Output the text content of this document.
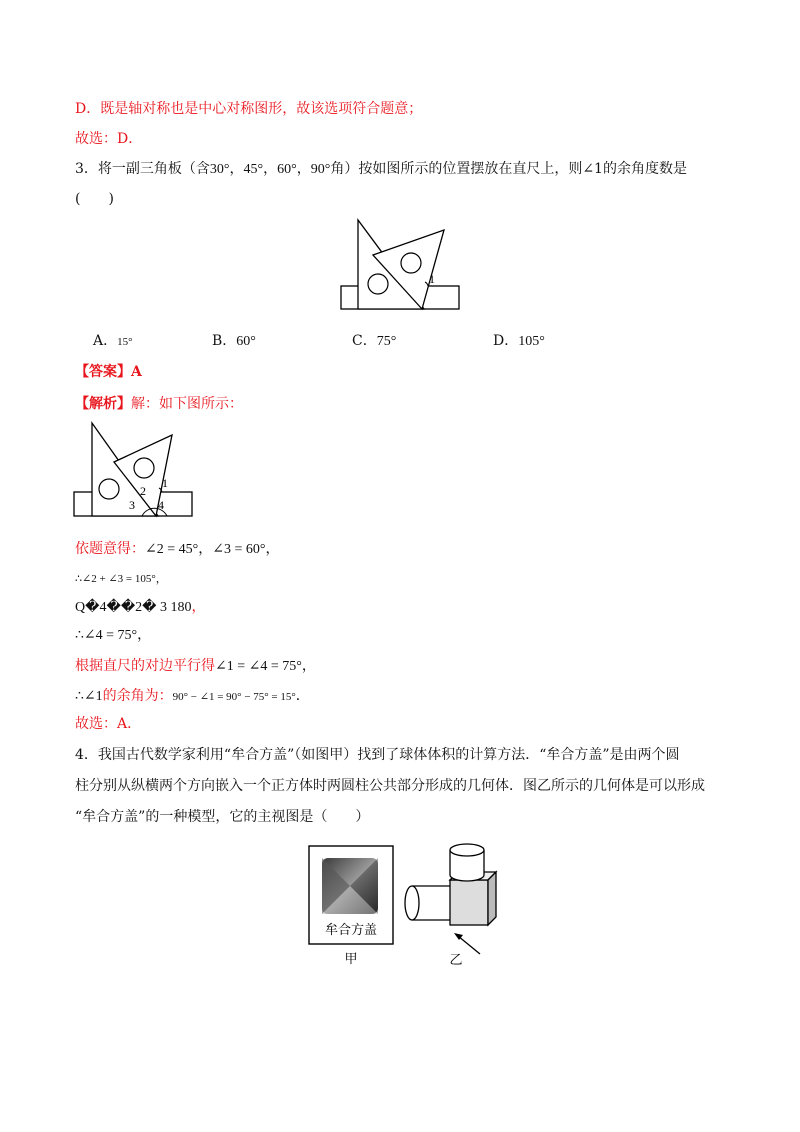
D．既是轴对称也是中心对称图形，故该选项符合题意；
故选：D．
3．将一副三角板（含30°，45°，60°，90°角）按如图所示的位置摆放在直尺上，则∠1的余角度数是
(　　)
1
A．15°	B．60°	C．75°	D．105°
【答案】A
【解析】解：如下图所示：
1
2
3 4
依题意得：∠2 = 45°，∠3 = 60°，
∴∠2 + ∠3 = 105°，
Q�4��2� 3 180，
∴∠4 = 75°，
根据直尺的对边平行得∠1 = ∠4 = 75°，
∴∠1的余角为：90° − ∠1 = 90° − 75° = 15°．
故选：A．
4．我国古代数学家利用“牟合方盖”（如图甲）找到了球体体积的计算方法．“牟合方盖”是由两个圆
柱分别从纵横两个方向嵌入一个正方体时两圆柱公共部分形成的几何体．图乙所示的几何体是可以形成
“牟合方盖”的一种模型，它的主视图是（　　）
牟合方盖
甲	乙
